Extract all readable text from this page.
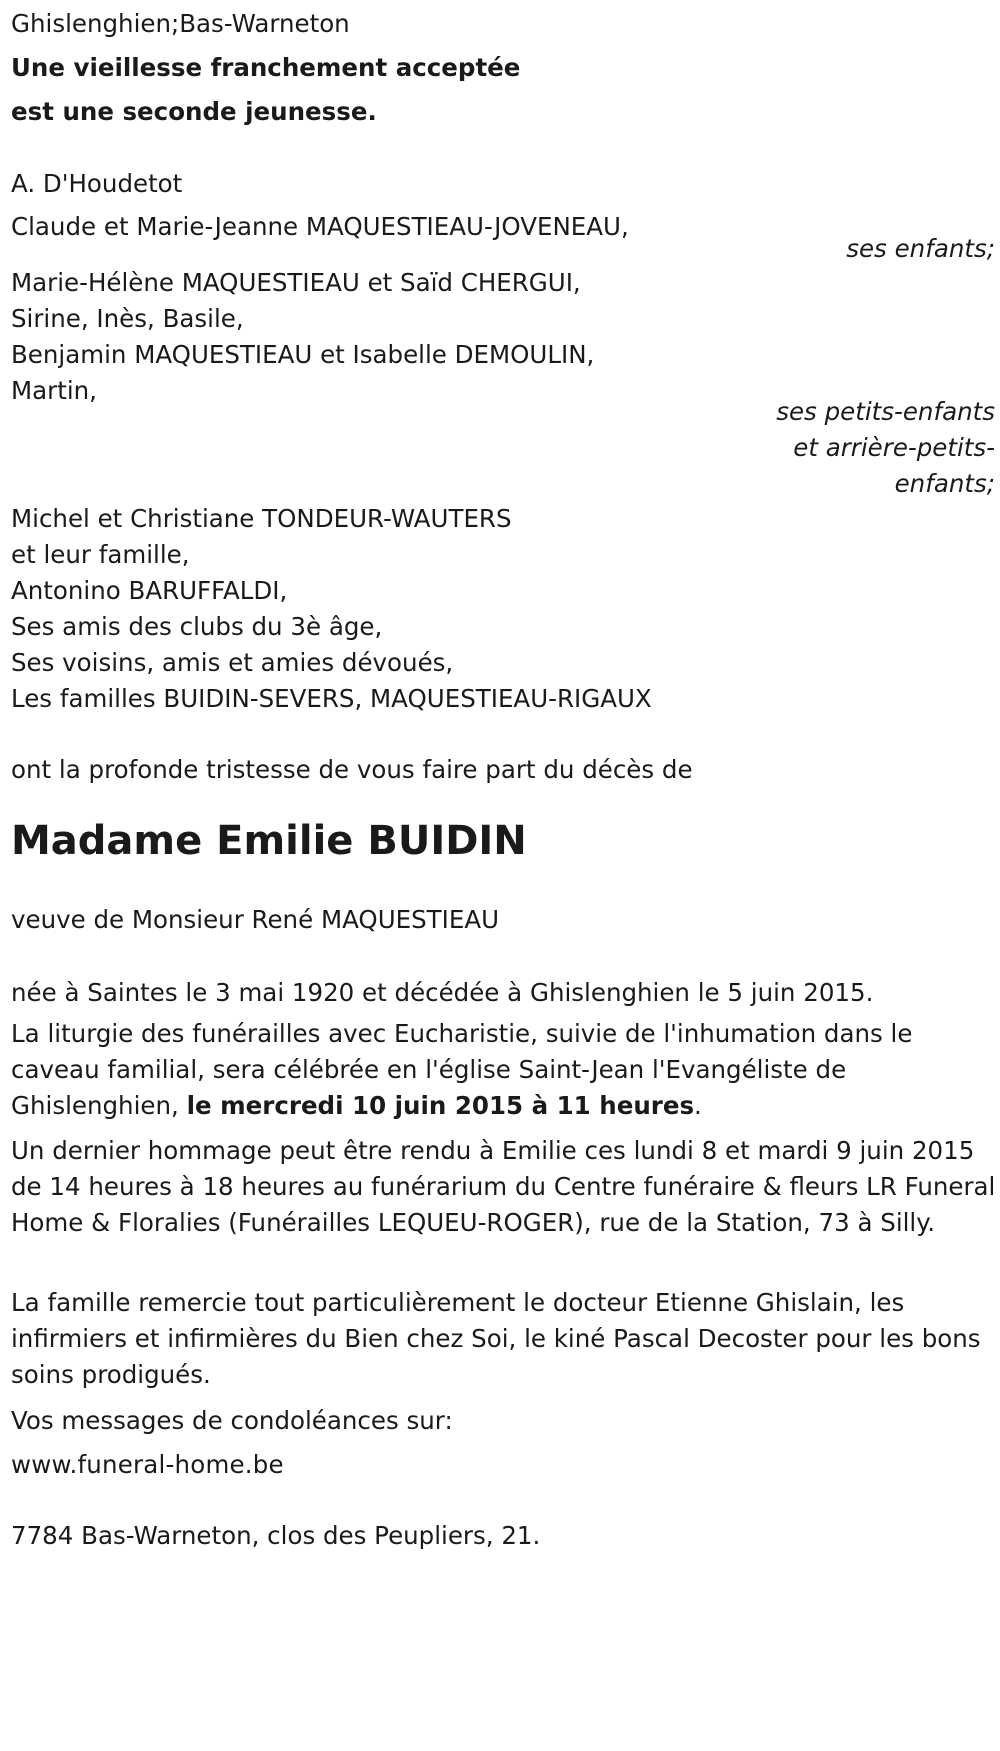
Ghislenghien;Bas-Warneton
Une vieillesse franchement acceptée
est une seconde jeunesse.
A. D'Houdetot
Claude et Marie-Jeanne MAQUESTIEAU-JOVENEAU,
ses enfants;
Marie-Hélène MAQUESTIEAU et Saïd CHERGUI,
Sirine, Inès, Basile,
Benjamin MAQUESTIEAU et Isabelle DEMOULIN,
Martin,
ses petits-enfants
et arrière-petits-
enfants;
Michel et Christiane TONDEUR-WAUTERS
et leur famille,
Antonino BARUFFALDI,
Ses amis des clubs du 3è âge,
Ses voisins, amis et amies dévoués,
Les familles BUIDIN-SEVERS, MAQUESTIEAU-RIGAUX
ont la profonde tristesse de vous faire part du décès de
Madame Emilie BUIDIN
veuve de Monsieur René MAQUESTIEAU
née à Saintes le 3 mai 1920 et décédée à Ghislenghien le 5 juin 2015.
La liturgie des funérailles avec Eucharistie, suivie de l'inhumation dans le caveau familial, sera célébrée en l'église Saint-Jean l'Evangéliste de Ghislenghien, le mercredi 10 juin 2015 à 11 heures.
Un dernier hommage peut être rendu à Emilie ces lundi 8 et mardi 9 juin 2015 de 14 heures à 18 heures au funérarium du Centre funéraire & fleurs LR Funeral Home & Floralies (Funérailles LEQUEU-ROGER), rue de la Station, 73 à Silly.
La famille remercie tout particulièrement le docteur Etienne Ghislain, les infirmiers et infirmières du Bien chez Soi, le kiné Pascal Decoster pour les bons soins prodigués.
Vos messages de condoléances sur:
www.funeral-home.be
7784 Bas-Warneton, clos des Peupliers, 21.
